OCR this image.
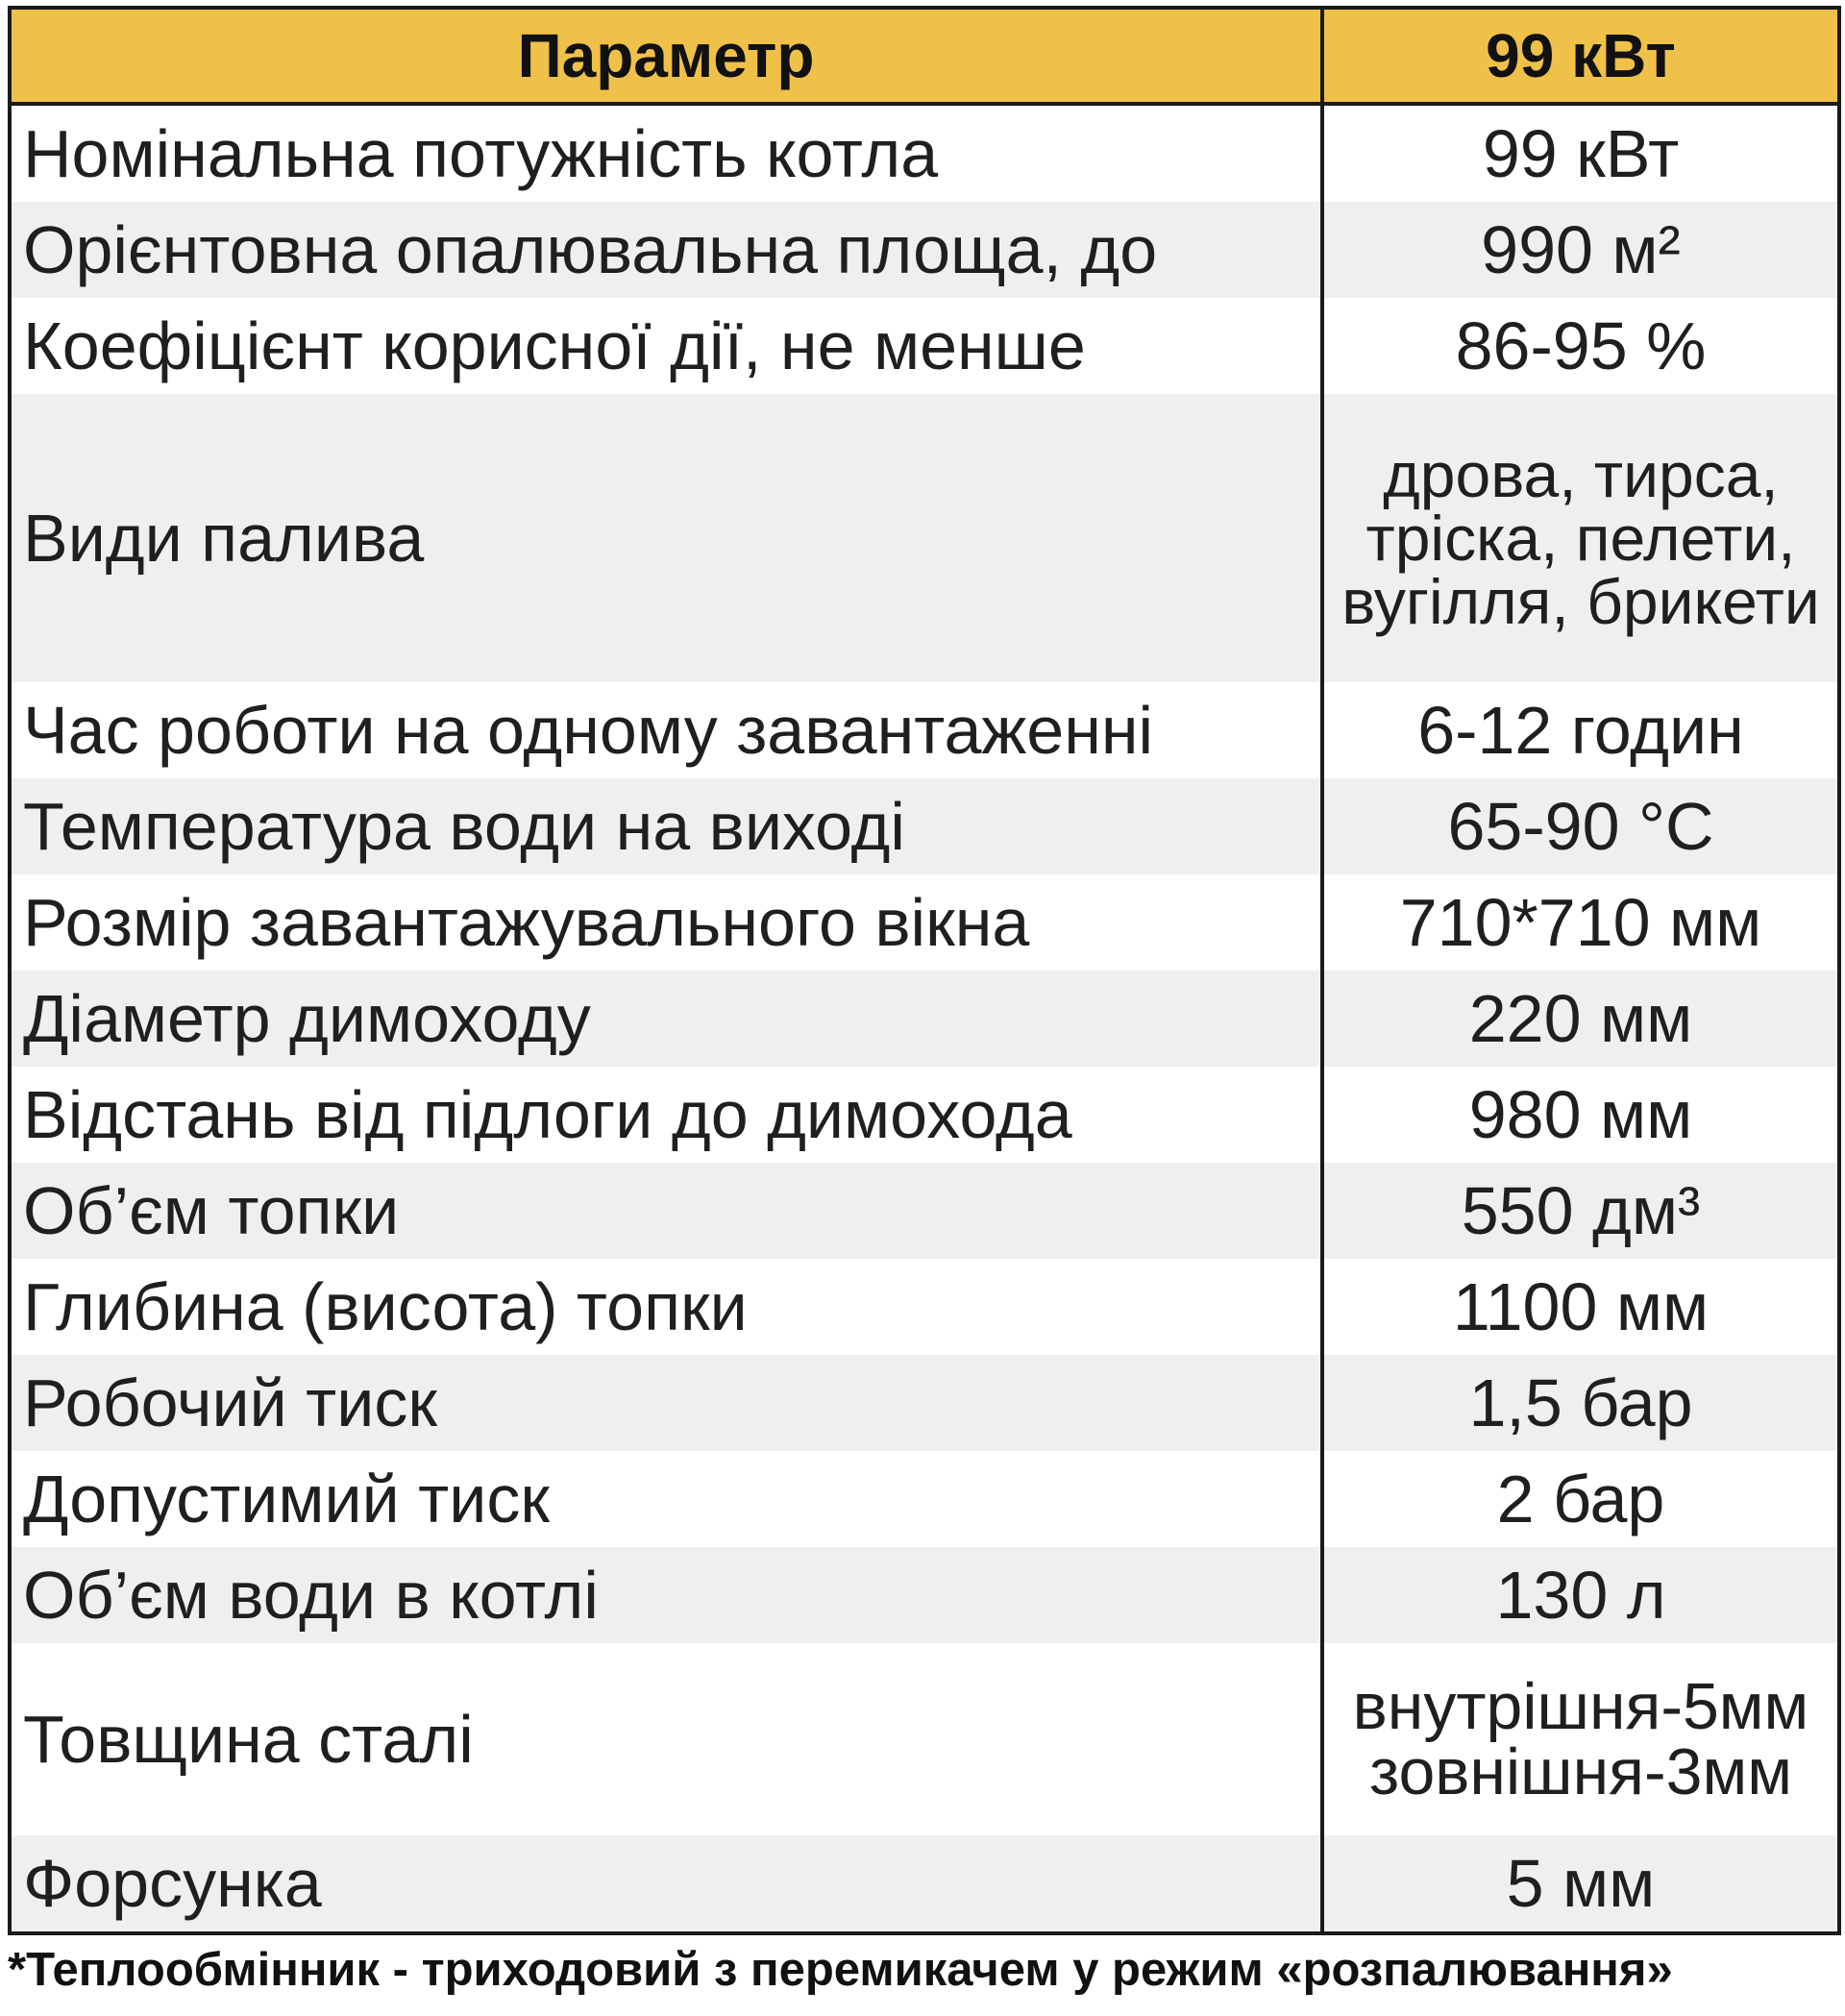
Параметр	99 кВт
Номінальна потужність котла	99 кВт
Орієнтовна опалювальна площа, до	990 м²
Коефіцієнт корисної дії, не менше	86-95 %
Види палива	дрова, тирса,
тріска, пелети,
вугілля, брикети

Час роботи на одному завантаженні	6-12 годин
Температура води на виході	65-90 °С
Розмір завантажувального вікна	710*710 мм
Діаметр димоходу	220 мм
Відстань від підлоги до димохода	980 мм
Об’єм топки	550 дм³
Глибина (висота) топки	1100 мм
Робочий тиск	1,5 бар
Допустимий тиск	2 бар
Об’єм води в котлі	130 л
Товщина сталі	внутрішня-5мм
зовнішня-3мм

Форсунка	5 мм
*Теплообмінник - триходовий з перемикачем у режим «розпалювання»
